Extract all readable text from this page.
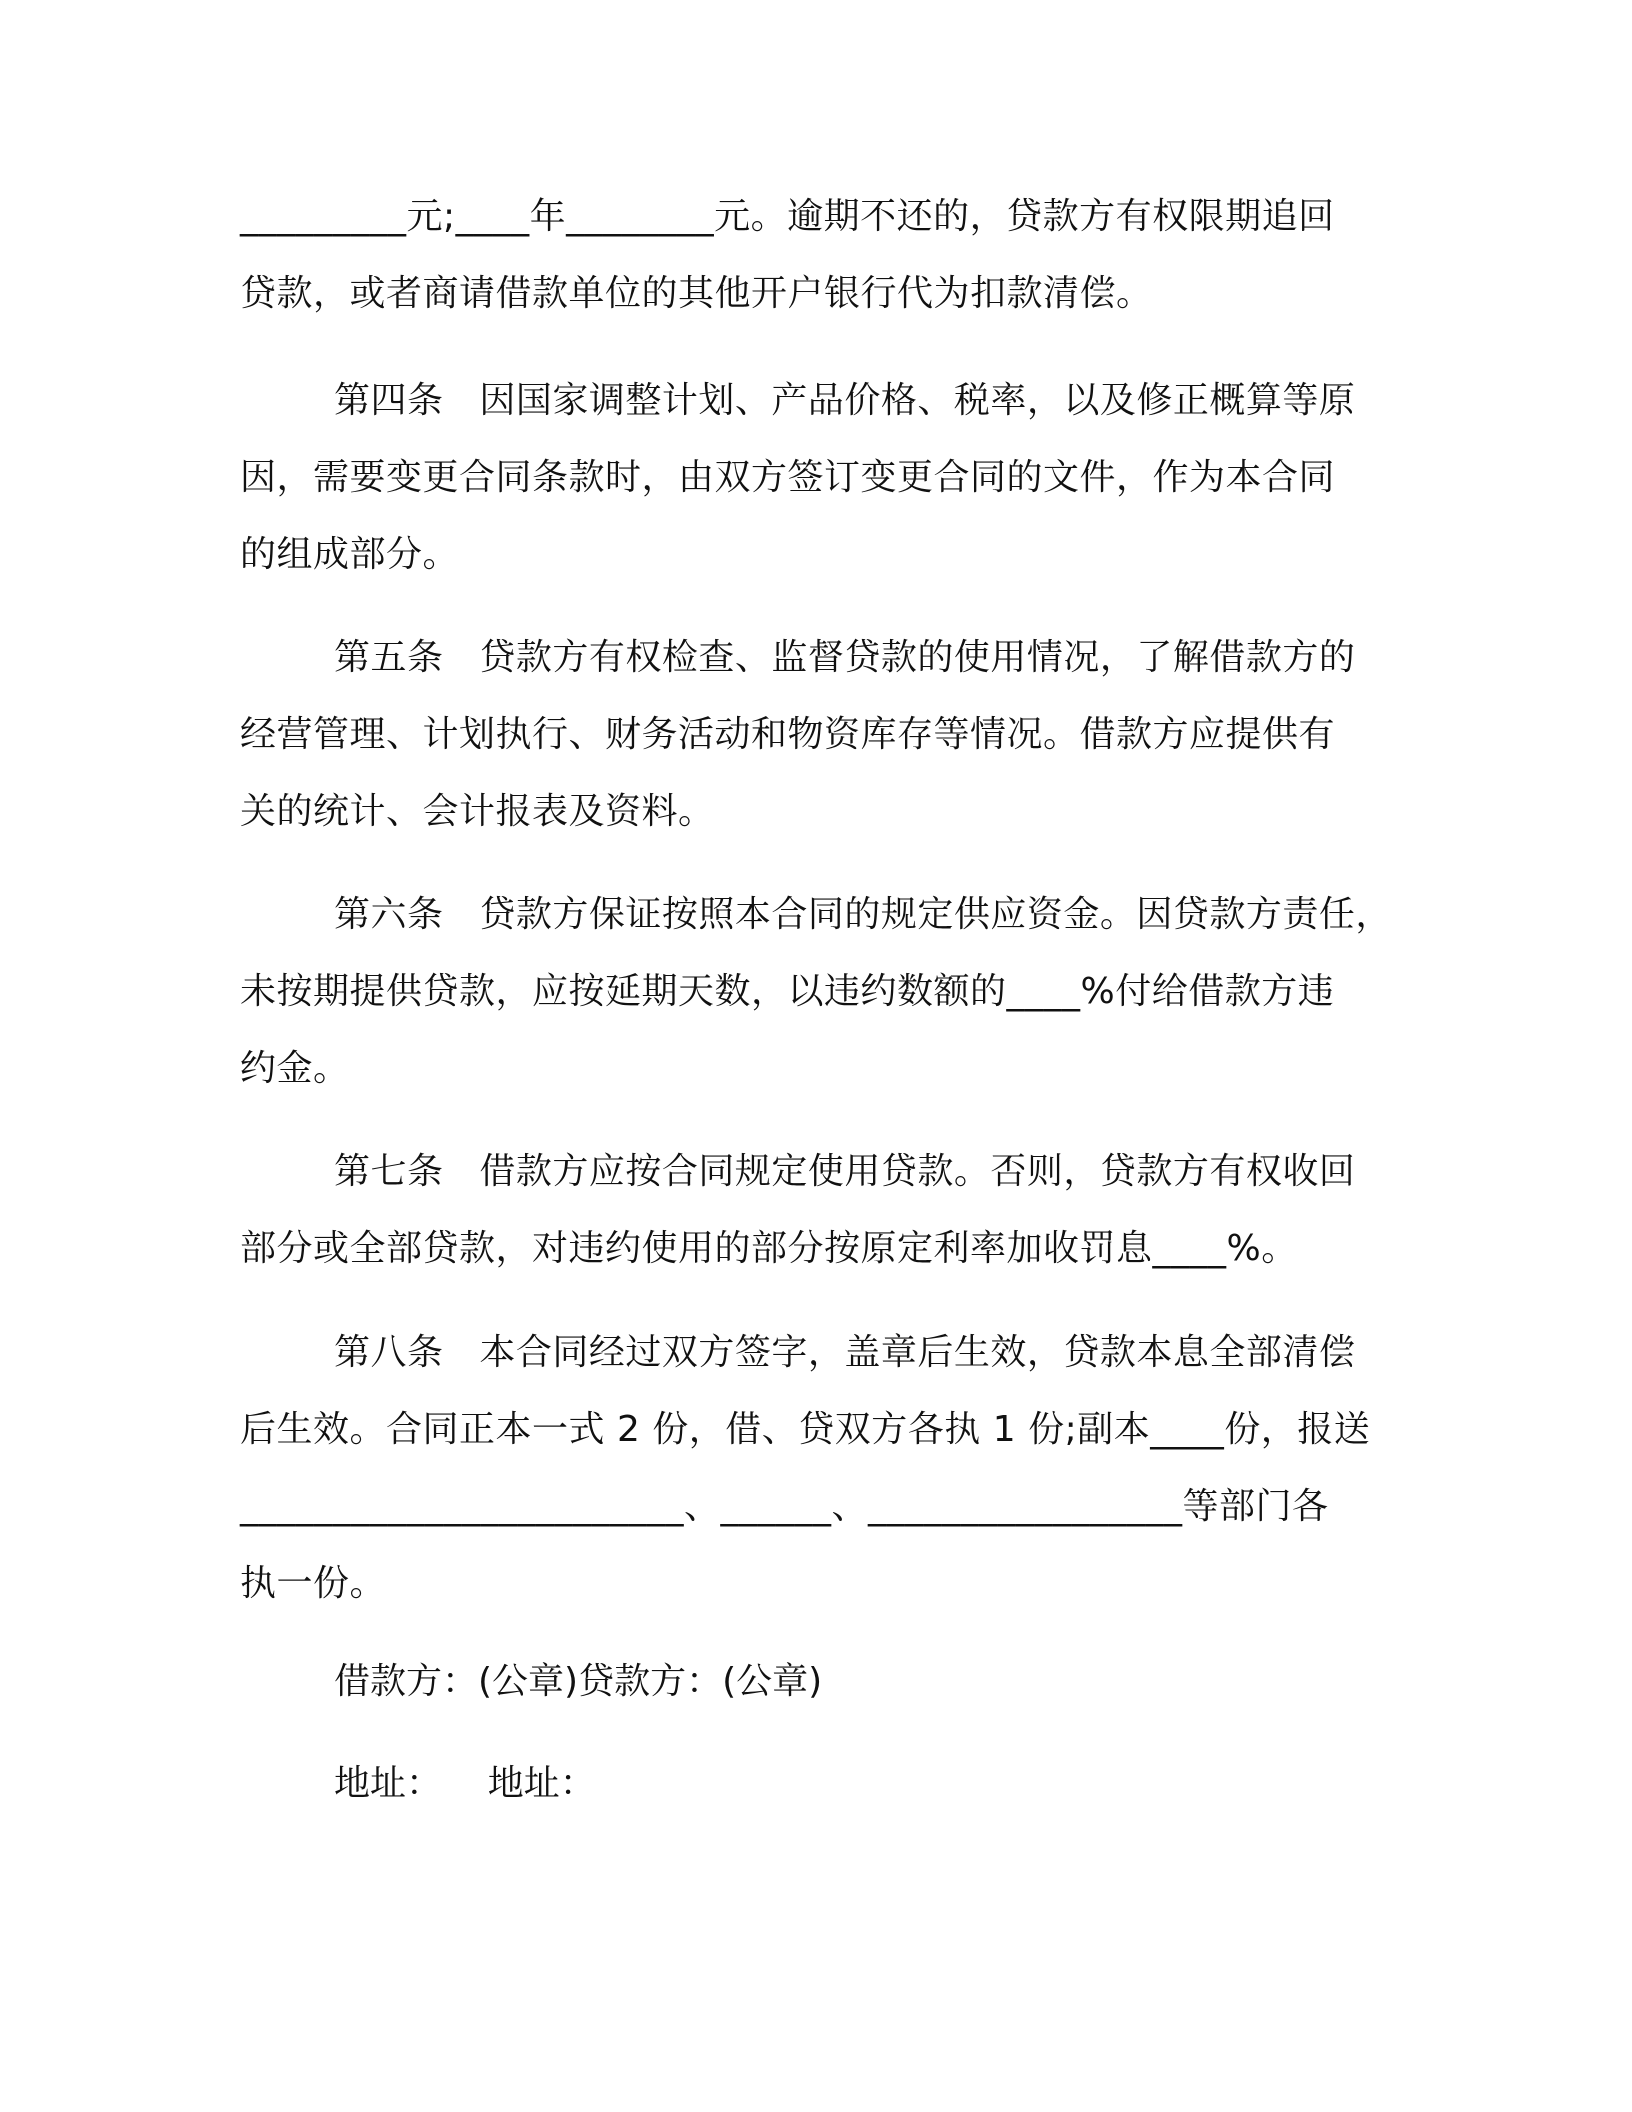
_________元;____年________元。逾期不还的，贷款方有权限期追回
贷款，或者商请借款单位的其他开户银行代为扣款清偿。
第四条 因国家调整计划、产品价格、税率，以及修正概算等原
因，需要变更合同条款时，由双方签订变更合同的文件，作为本合同
的组成部分。
第五条 贷款方有权检查、监督贷款的使用情况，了解借款方的
经营管理、计划执行、财务活动和物资库存等情况。借款方应提供有
关的统计、会计报表及资料。
第六条 贷款方保证按照本合同的规定供应资金。因贷款方责任，
未按期提供贷款，应按延期天数，以违约数额的____%付给借款方违
约金。
第七条 借款方应按合同规定使用贷款。否则，贷款方有权收回
部分或全部贷款，对违约使用的部分按原定利率加收罚息____%。
第八条 本合同经过双方签字，盖章后生效，贷款本息全部清偿
后生效。合同正本一式 2 份，借、贷双方各执 1 份;副本____份，报送
________________________、______、_________________等部门各
执一份。

借款方：(公章)贷款方：(公章)

地址：    地址：
